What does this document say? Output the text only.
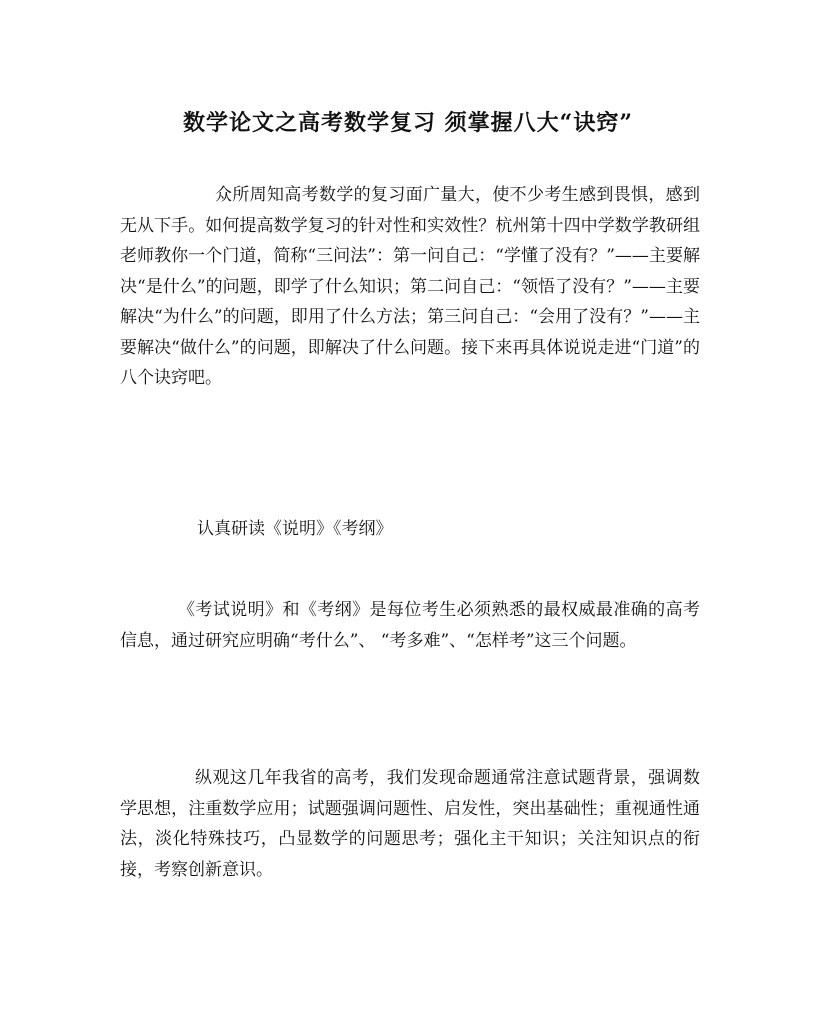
数学论文之高考数学复习 须掌握八大“诀窍”

众所周知高考数学的复习面广量大，使不少考生感到畏惧，感到无从下手。如何提高数学复习的针对性和实效性？杭州第十四中学数学教研组老师教你一个门道，简称“三问法”：第一问自己：“学懂了没有？”——主要解决“是什么”的问题，即学了什么知识；第二问自己：“领悟了没有？”——主要解决“为什么”的问题，即用了什么方法；第三问自己：“会用了没有？”——主要解决“做什么”的问题，即解决了什么问题。接下来再具体说说走进“门道”的八个诀窍吧。

认真研读《说明》《考纲》

《考试说明》和《考纲》是每位考生必须熟悉的最权威最准确的高考信息，通过研究应明确“考什么”、 “考多难”、“怎样考”这三个问题。

纵观这几年我省的高考，我们发现命题通常注意试题背景，强调数学思想，注重数学应用；试题强调问题性、启发性，突出基础性；重视通性通法，淡化特殊技巧，凸显数学的问题思考；强化主干知识；关注知识点的衔接，考察创新意识。
